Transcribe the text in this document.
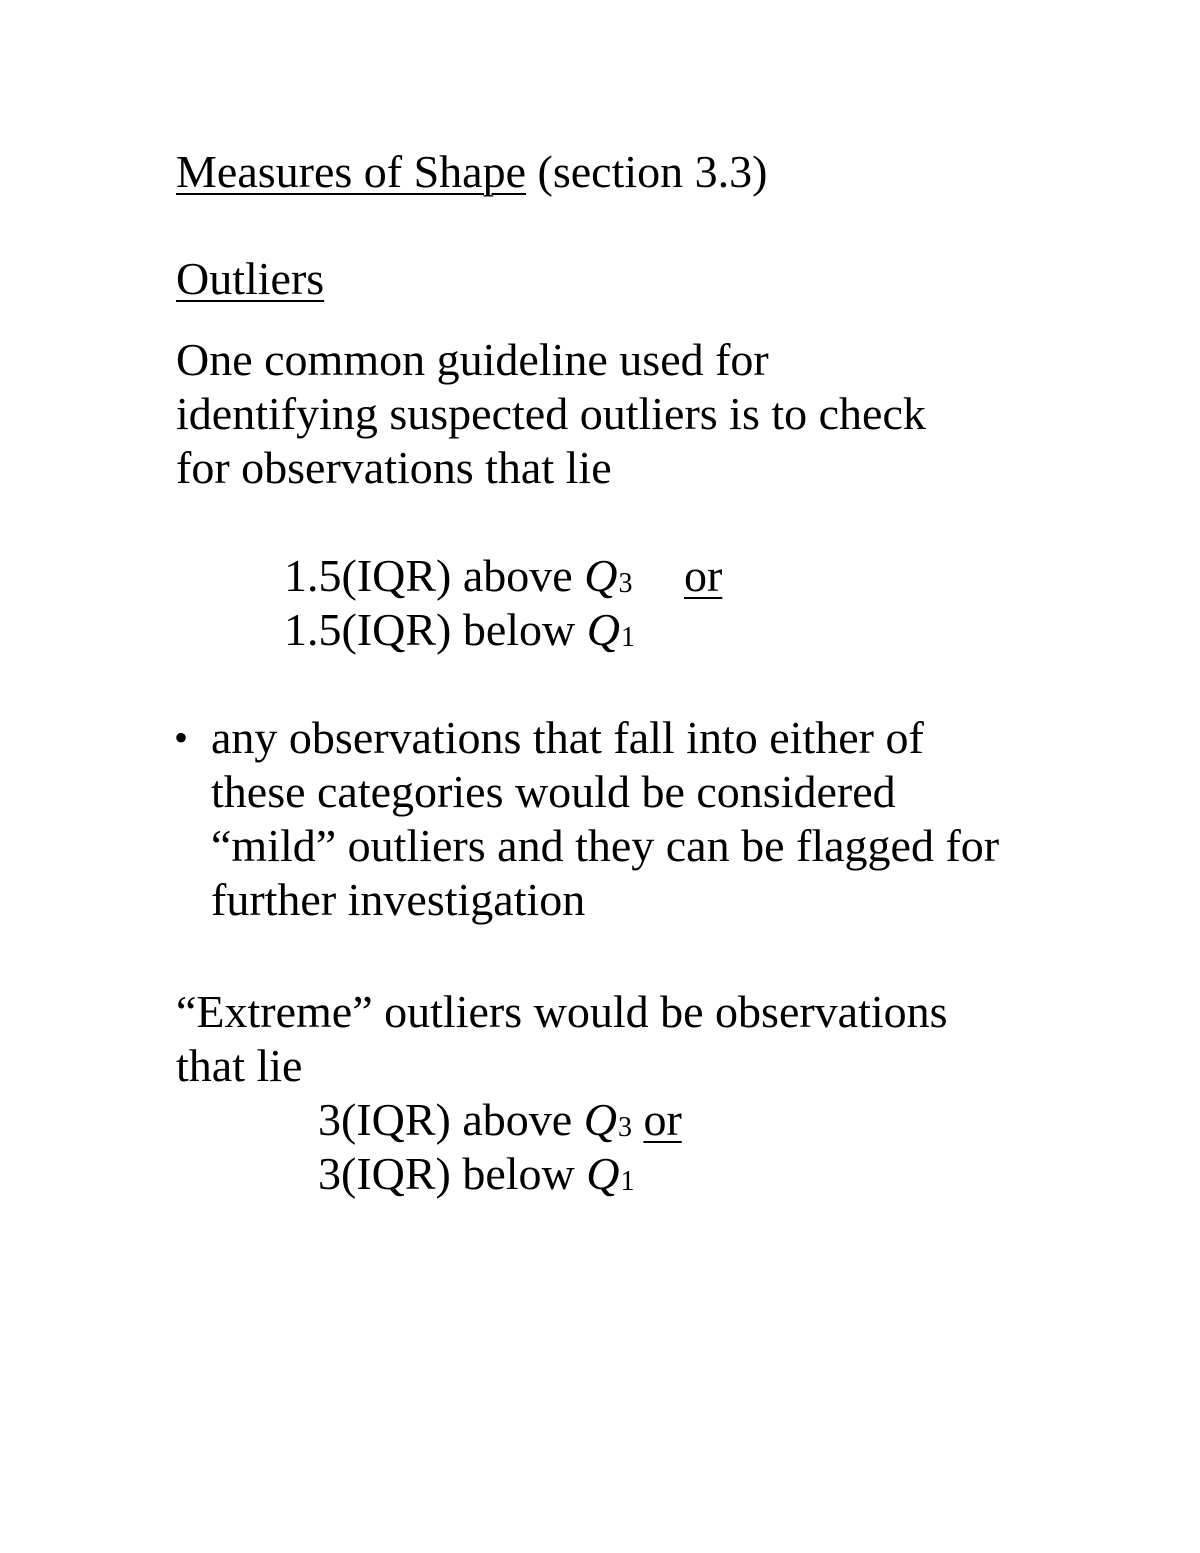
Measures of Shape (section 3.3)
Outliers
One common guideline used for
identifying suspected outliers is to check
for observations that lie
1.5(IQR) above Q3 or
1.5(IQR) below Q1
• any observations that fall into either of
these categories would be considered
“mild” outliers and they can be flagged for
further investigation
“Extreme” outliers would be observations
that lie
3(IQR) above Q3 or
3(IQR) below Q1
